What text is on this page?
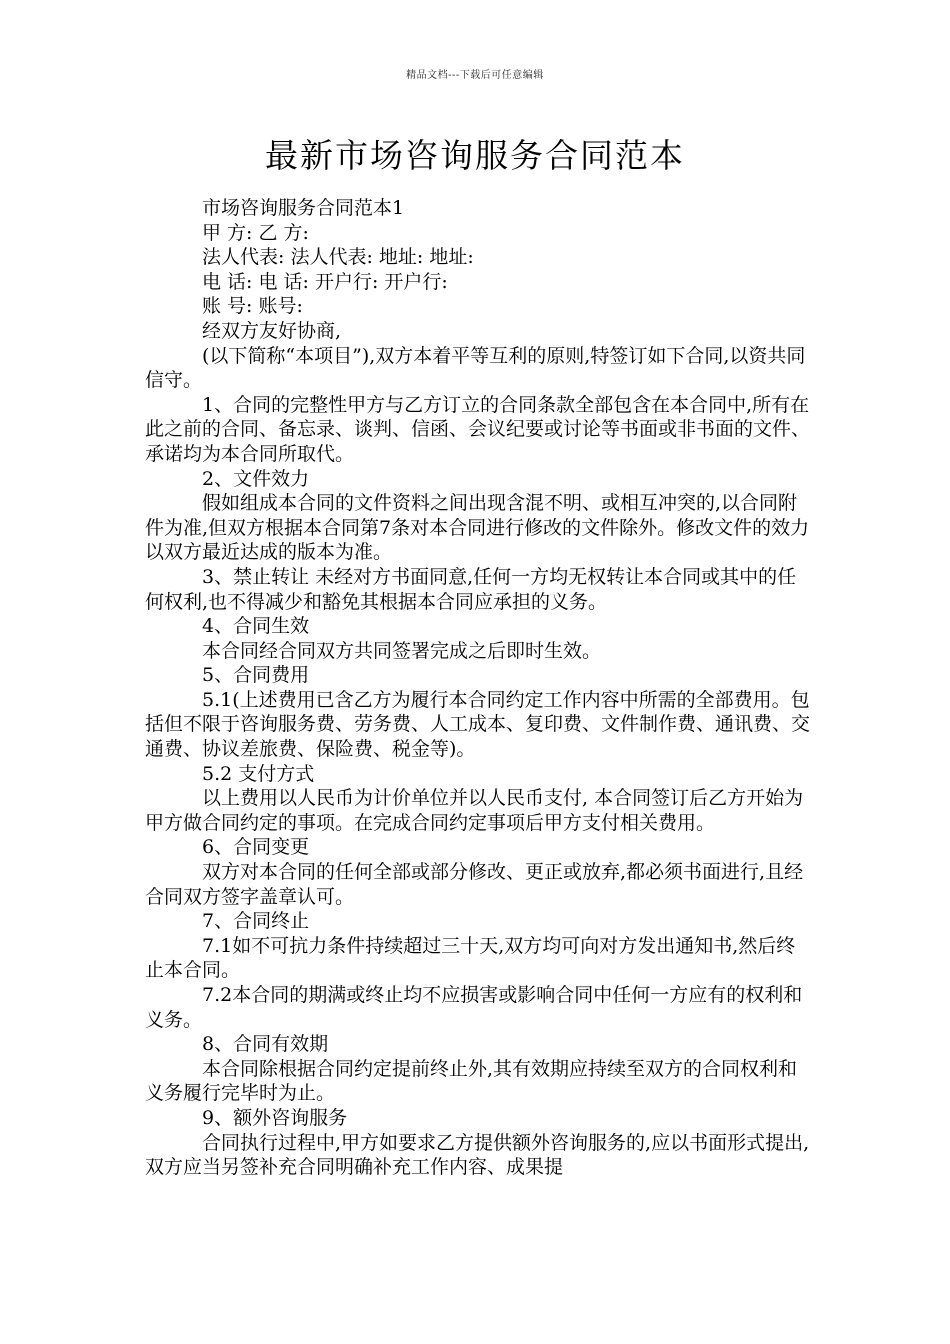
精品文档---下载后可任意编辑
最新市场咨询服务合同范本

市场咨询服务合同范本1

甲 方: 乙 方:

法人代表: 法人代表: 地址: 地址:

电 话: 电 话: 开户行: 开户行:

账 号: 账号:

经双方友好协商,

(以下简称“本项目”),双方本着平等互利的原则,特签订如下合同,以资共同信守。

1、合同的完整性甲方与乙方订立的合同条款全部包含在本合同中,所有在此之前的合同、备忘录、谈判、信函、会议纪要或讨论等书面或非书面的文件、承诺均为本合同所取代。

2、文件效力

假如组成本合同的文件资料之间出现含混不明、或相互冲突的,以合同附件为准,但双方根据本合同第7条对本合同进行修改的文件除外。修改文件的效力以双方最近达成的版本为准。

3、禁止转让 未经对方书面同意,任何一方均无权转让本合同或其中的任何权利,也不得减少和豁免其根据本合同应承担的义务。

4、合同生效

本合同经合同双方共同签署完成之后即时生效。

5、合同费用

5.1(上述费用已含乙方为履行本合同约定工作内容中所需的全部费用。包括但不限于咨询服务费、劳务费、人工成本、复印费、文件制作费、通讯费、交通费、协议差旅费、保险费、税金等)。

5.2 支付方式

以上费用以人民币为计价单位并以人民币支付, 本合同签订后乙方开始为甲方做合同约定的事项。在完成合同约定事项后甲方支付相关费用。

6、合同变更

双方对本合同的任何全部或部分修改、更正或放弃,都必须书面进行,且经合同双方签字盖章认可。

7、合同终止

7.1如不可抗力条件持续超过三十天,双方均可向对方发出通知书,然后终止本合同。

7.2本合同的期满或终止均不应损害或影响合同中任何一方应有的权利和义务。

8、合同有效期

本合同除根据合同约定提前终止外,其有效期应持续至双方的合同权利和义务履行完毕时为止。

9、额外咨询服务

合同执行过程中,甲方如要求乙方提供额外咨询服务的,应以书面形式提出,双方应当另签补充合同明确补充工作内容、成果提
